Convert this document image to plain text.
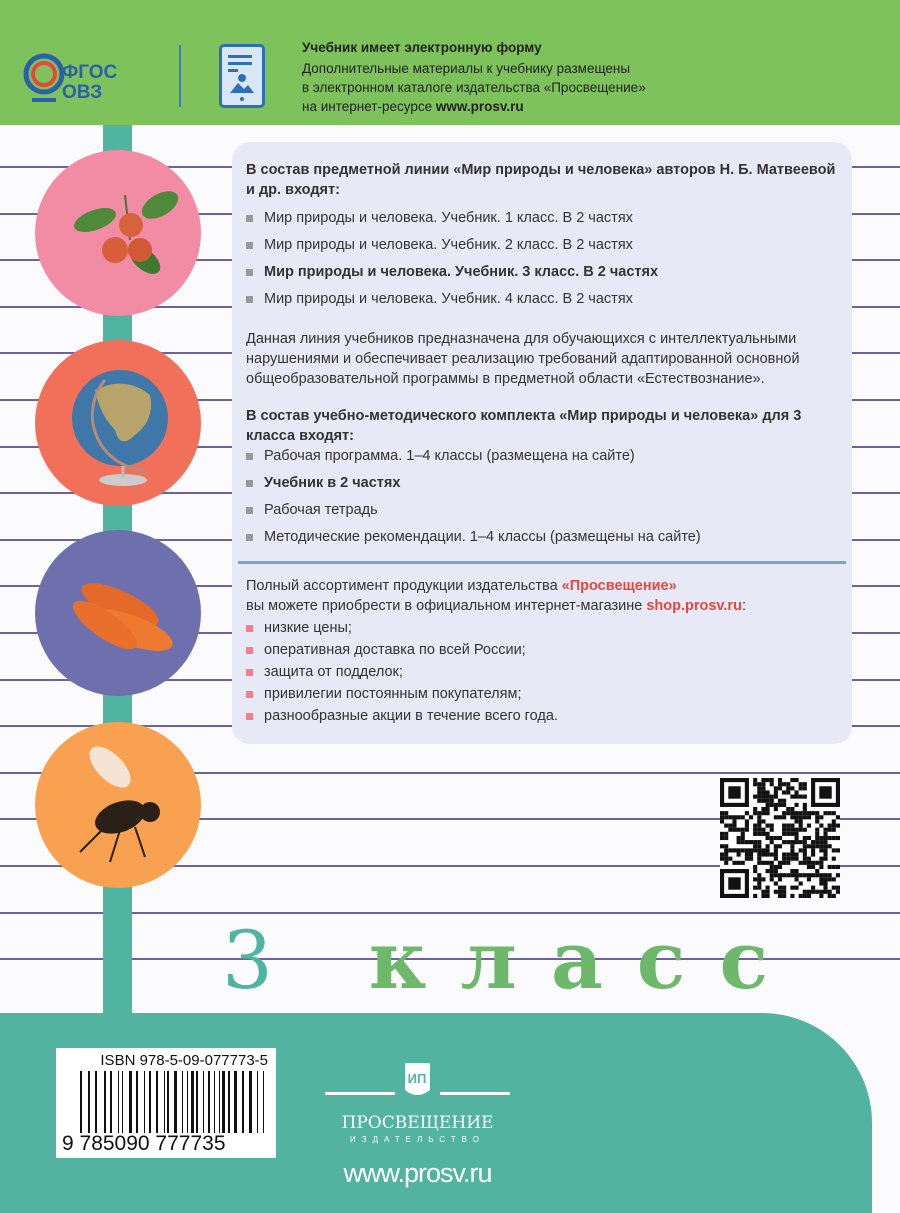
ФГОС
ОВЗ
Учебник имеет электронную форму
Дополнительные материалы к учебнику размещены
в электронном каталоге издательства «Просвещение»
на интернет-ресурсе www.prosv.ru
В состав предметной линии «Мир природы и человека» авторов Н. Б. Матвеевой и др. входят:
Мир природы и человека. Учебник. 1 класс. В 2 частях
Мир природы и человека. Учебник. 2 класс. В 2 частях
Мир природы и человека. Учебник. 3 класс. В 2 частях
Мир природы и человека. Учебник. 4 класс. В 2 частях
Данная линия учебников предназначена для обучающихся с интеллектуальными нарушениями и обеспечивает реализацию требований адаптированной основной общеобразовательной программы в предметной области «Естествознание».
В состав учебно-методического комплекта «Мир природы и человека» для 3 класса входят:
Рабочая программа. 1–4 классы (размещена на сайте)
Учебник в 2 частях
Рабочая тетрадь
Методические рекомендации. 1–4 классы (размещены на сайте)
Полный ассортимент продукции издательства «Просвещение»
вы можете приобрести в официальном интернет-магазине shop.prosv.ru:
низкие цены;
оперативная доставка по всей России;
защита от подделок;
привилегии постоянным покупателям;
разнообразные акции в течение всего года.
3 класс
ISBN 978-5-09-077773-5
9 785090 777735
ИП
ПРОСВЕЩЕНИЕ
ИЗДАТЕЛЬСТВО
www.prosv.ru
